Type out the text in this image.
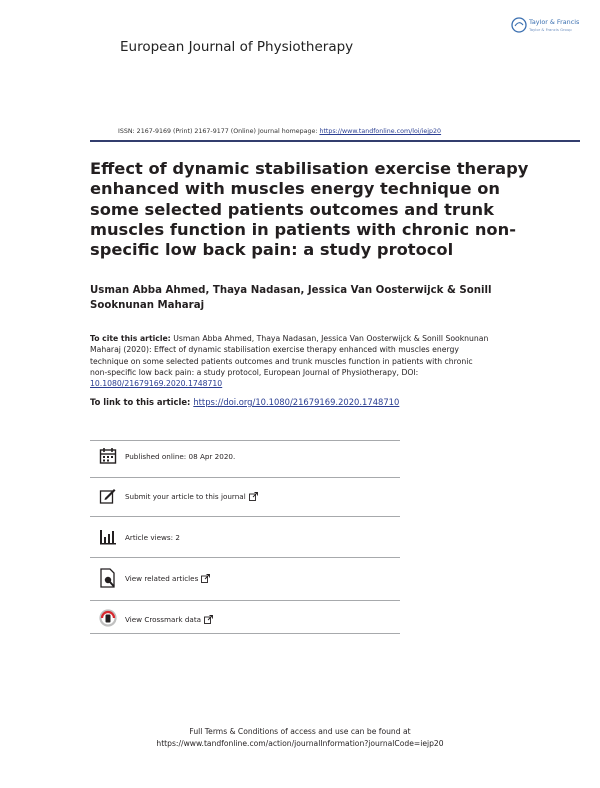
European Journal of Physiotherapy
Taylor & Francis
Taylor & Francis Group
ISSN: 2167-9169 (Print) 2167-9177 (Online) Journal homepage: https://www.tandfonline.com/loi/iejp20
Effect of dynamic stabilisation exercise therapy enhanced with muscles energy technique on some selected patients outcomes and trunk muscles function in patients with chronic non-specific low back pain: a study protocol
Usman Abba Ahmed, Thaya Nadasan, Jessica Van Oosterwijck & Sonill Sooknunan Maharaj
To cite this article: Usman Abba Ahmed, Thaya Nadasan, Jessica Van Oosterwijck & Sonill Sooknunan Maharaj (2020): Effect of dynamic stabilisation exercise therapy enhanced with muscles energy technique on some selected patients outcomes and trunk muscles function in patients with chronic non-specific low back pain: a study protocol, European Journal of Physiotherapy, DOI: 10.1080/21679169.2020.1748710
To link to this article: https://doi.org/10.1080/21679169.2020.1748710
Published online: 08 Apr 2020.
Submit your article to this journal
Article views: 2
View related articles
View Crossmark data
Full Terms & Conditions of access and use can be found at
https://www.tandfonline.com/action/journalInformation?journalCode=iejp20
